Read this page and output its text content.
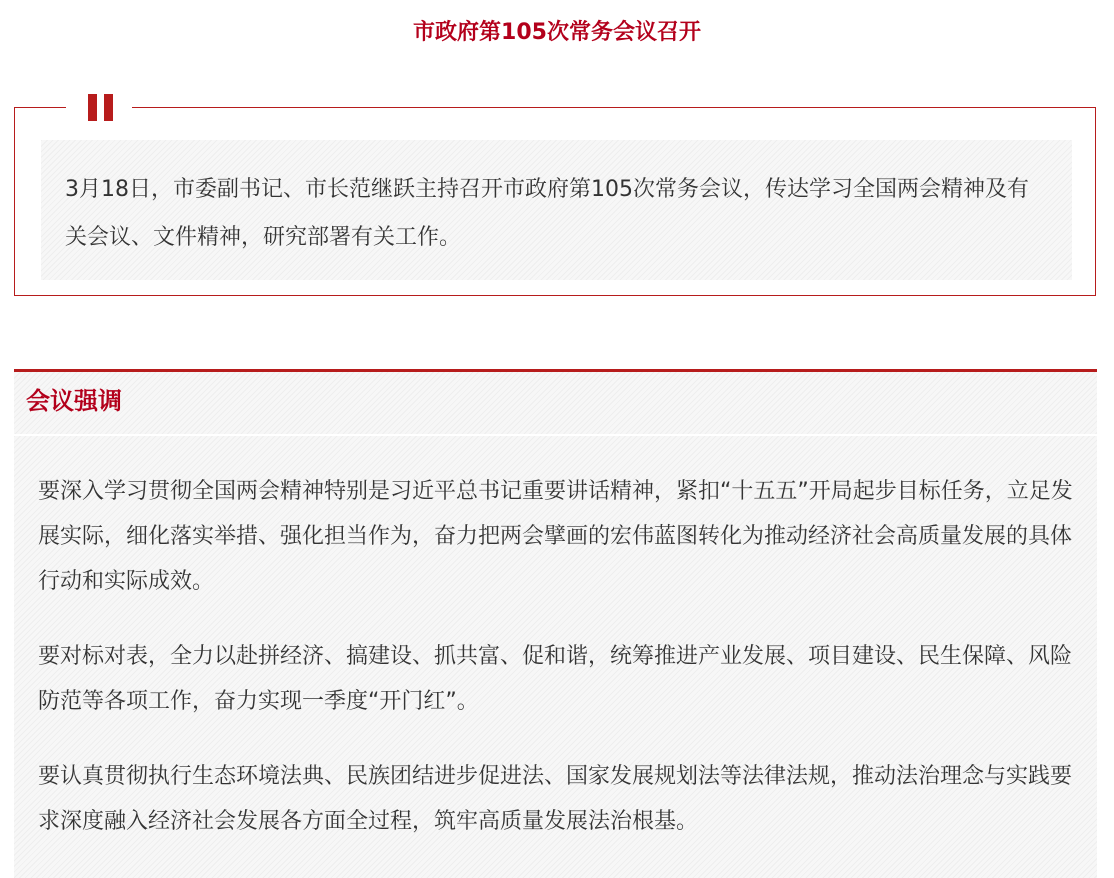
市政府第105次常务会议召开

3月18日，市委副书记、市长范继跃主持召开市政府第105次常务会议，传达学习全国两会精神及有关会议、文件精神，研究部署有关工作。

会议强调

要深入学习贯彻全国两会精神特别是习近平总书记重要讲话精神，紧扣“十五五”开局起步目标任务，立足发展实际，细化落实举措、强化担当作为，奋力把两会擘画的宏伟蓝图转化为推动经济社会高质量发展的具体行动和实际成效。

要对标对表，全力以赴拼经济、搞建设、抓共富、促和谐，统筹推进产业发展、项目建设、民生保障、风险防范等各项工作，奋力实现一季度“开门红”。

要认真贯彻执行生态环境法典、民族团结进步促进法、国家发展规划法等法律法规，推动法治理念与实践要求深度融入经济社会发展各方面全过程，筑牢高质量发展法治根基。
